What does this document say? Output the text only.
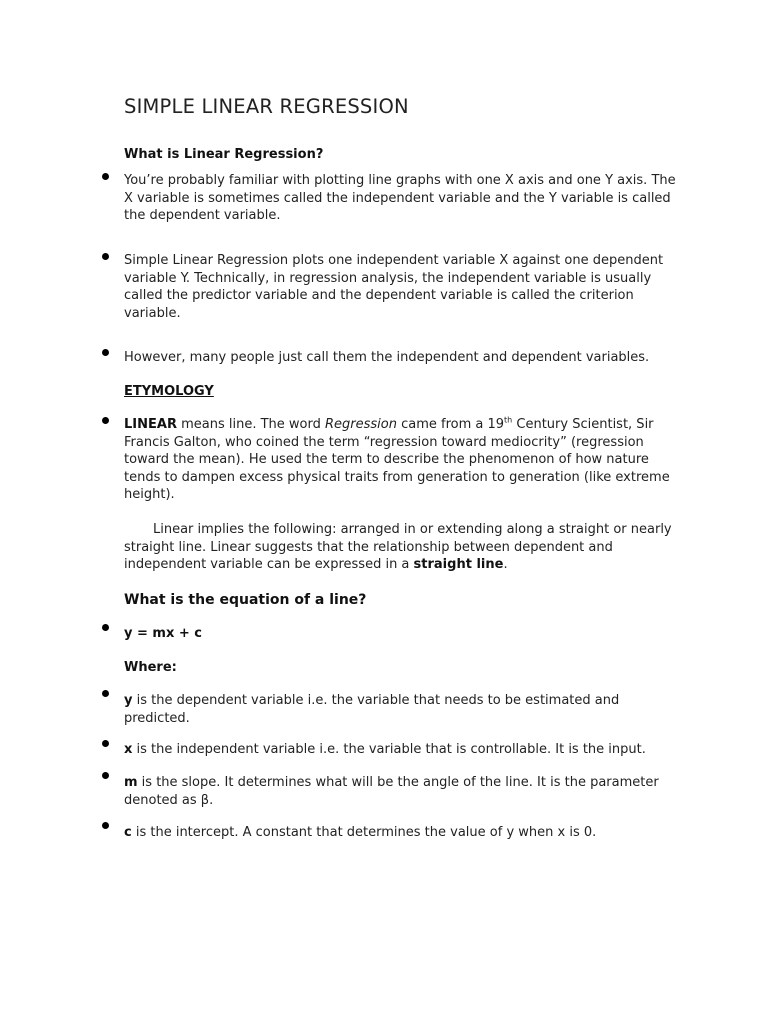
SIMPLE LINEAR REGRESSION
What is Linear Regression?
You’re probably familiar with plotting line graphs with one X axis and one Y axis. The X variable is sometimes called the independent variable and the Y variable is called the dependent variable.
Simple Linear Regression plots one independent variable X against one dependent variable Y. Technically, in regression analysis, the independent variable is usually called the predictor variable and the dependent variable is called the criterion variable.
However, many people just call them the independent and dependent variables.
ETYMOLOGY
LINEAR means line. The word Regression came from a 19th Century Scientist, Sir Francis Galton, who coined the term “regression toward mediocrity” (regression toward the mean). He used the term to describe the phenomenon of how nature tends to dampen excess physical traits from generation to generation (like extreme height).
Linear implies the following: arranged in or extending along a straight or nearly straight line. Linear suggests that the relationship between dependent and independent variable can be expressed in a straight line.
What is the equation of a line?
y = mx + c
Where:
y is the dependent variable i.e. the variable that needs to be estimated and predicted.
x is the independent variable i.e. the variable that is controllable. It is the input.
m is the slope. It determines what will be the angle of the line. It is the parameter denoted as β.
c is the intercept. A constant that determines the value of y when x is 0.
